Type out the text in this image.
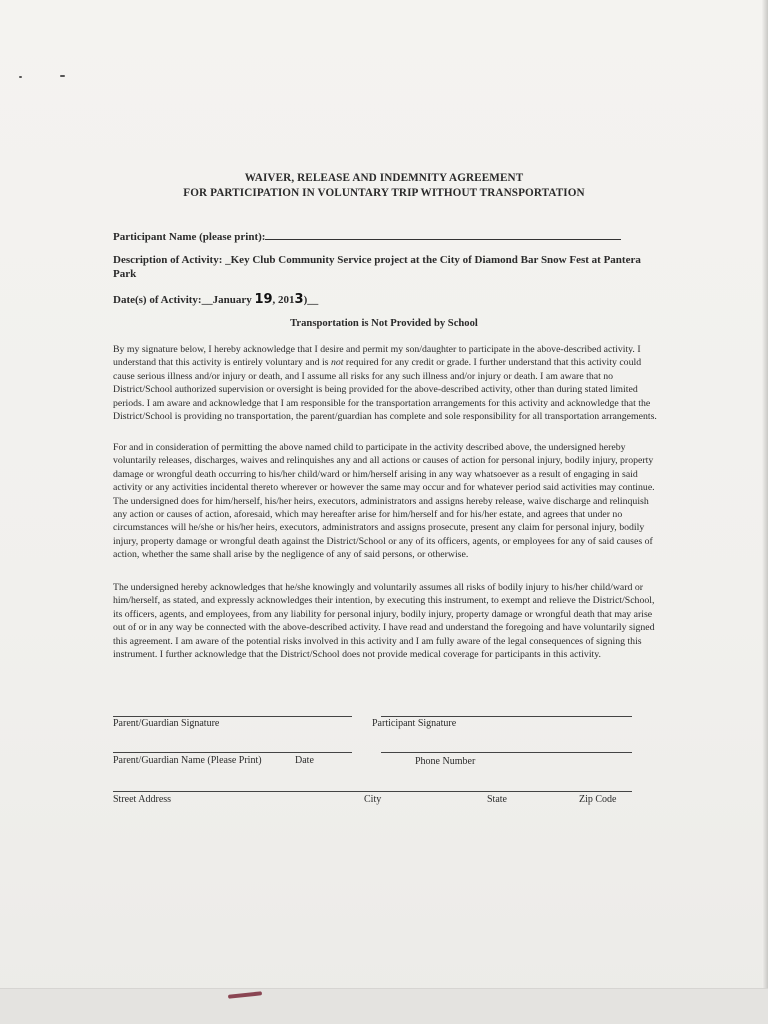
WAIVER, RELEASE AND INDEMNITY AGREEMENT
FOR PARTICIPATION IN VOLUNTARY TRIP WITHOUT TRANSPORTATION
Participant Name (please print):
Description of Activity: _Key Club Community Service project at the City of Diamond Bar Snow Fest at Pantera
Park
Date(s) of Activity:__January 19, 2013)__
Transportation is Not Provided by School
By my signature below, I hereby acknowledge that I desire and permit my son/daughter to participate in the above-described activity. I understand that this activity is entirely voluntary and is not required for any credit or grade. I further understand that this activity could cause serious illness and/or injury or death, and I assume all risks for any such illness and/or injury or death. I am aware that no District/School authorized supervision or oversight is being provided for the above-described activity, other than during stated limited periods. I am aware and acknowledge that I am responsible for the transportation arrangements for this activity and acknowledge that the District/School is providing no transportation, the parent/guardian has complete and sole responsibility for all transportation arrangements.
For and in consideration of permitting the above named child to participate in the activity described above, the undersigned hereby voluntarily releases, discharges, waives and relinquishes any and all actions or causes of action for personal injury, bodily injury, property damage or wrongful death occurring to his/her child/ward or him/herself arising in any way whatsoever as a result of engaging in said activity or any activities incidental thereto wherever or however the same may occur and for whatever period said activities may continue. The undersigned does for him/herself, his/her heirs, executors, administrators and assigns hereby release, waive discharge and relinquish any action or causes of action, aforesaid, which may hereafter arise for him/herself and for his/her estate, and agrees that under no circumstances will he/she or his/her heirs, executors, administrators and assigns prosecute, present any claim for personal injury, bodily injury, property damage or wrongful death against the District/School or any of its officers, agents, or employees for any of said causes of action, whether the same shall arise by the negligence of any of said persons, or otherwise.
The undersigned hereby acknowledges that he/she knowingly and voluntarily assumes all risks of bodily injury to his/her child/ward or him/herself, as stated, and expressly acknowledges their intention, by executing this instrument, to exempt and relieve the District/School, its officers, agents, and employees, from any liability for personal injury, bodily injury, property damage or wrongful death that may arise out of or in any way be connected with the above-described activity. I have read and understand the foregoing and have voluntarily signed this agreement. I am aware of the potential risks involved in this activity and I am fully aware of the legal consequences of signing this instrument. I further acknowledge that the District/School does not provide medical coverage for participants in this activity.
Parent/Guardian Signature	Participant Signature
Parent/Guardian Name (Please Print)	Date	Phone Number
Street Address	City	State	Zip Code
